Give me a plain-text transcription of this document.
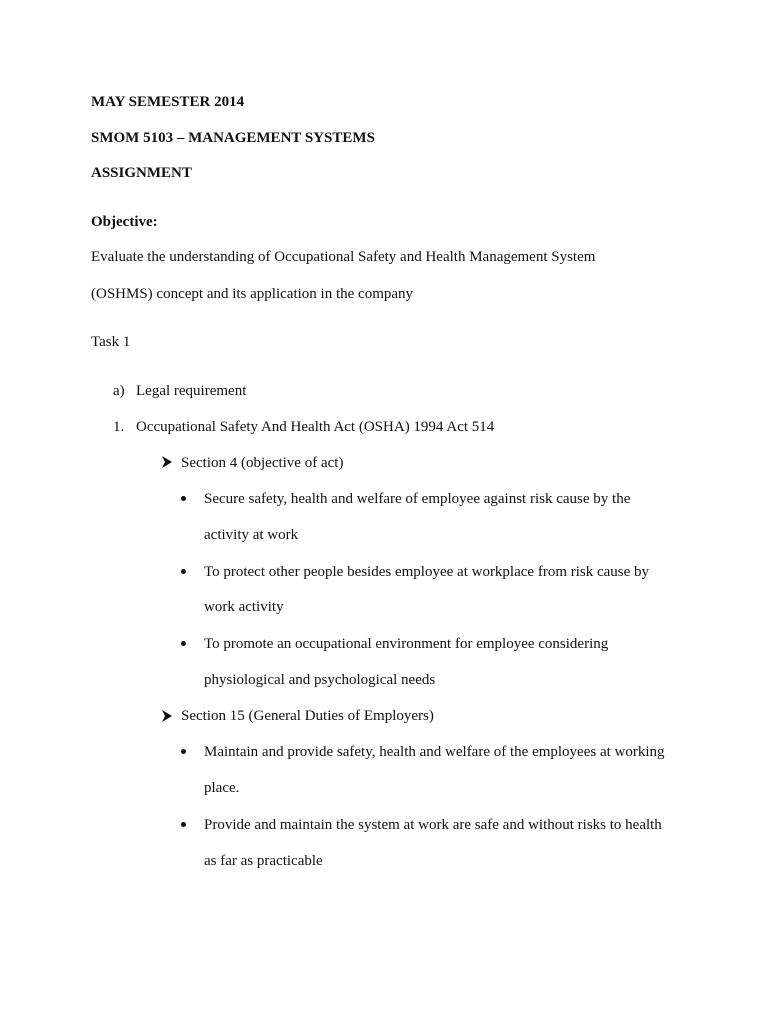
MAY SEMESTER 2014
SMOM 5103 – MANAGEMENT SYSTEMS
ASSIGNMENT
Objective:
Evaluate the understanding of Occupational Safety and Health Management System
(OSHMS) concept and its application in the company
Task 1
a) Legal requirement
1. Occupational Safety And Health Act (OSHA) 1994 Act 514
Section 4 (objective of act)
Secure safety, health and welfare of employee against risk cause by the
activity at work
To protect other people besides employee at workplace from risk cause by
work activity
To promote an occupational environment for employee considering
physiological and psychological needs
Section 15 (General Duties of Employers)
Maintain and provide safety, health and welfare of the employees at working
place.
Provide and maintain the system at work are safe and without risks to health
as far as practicable
